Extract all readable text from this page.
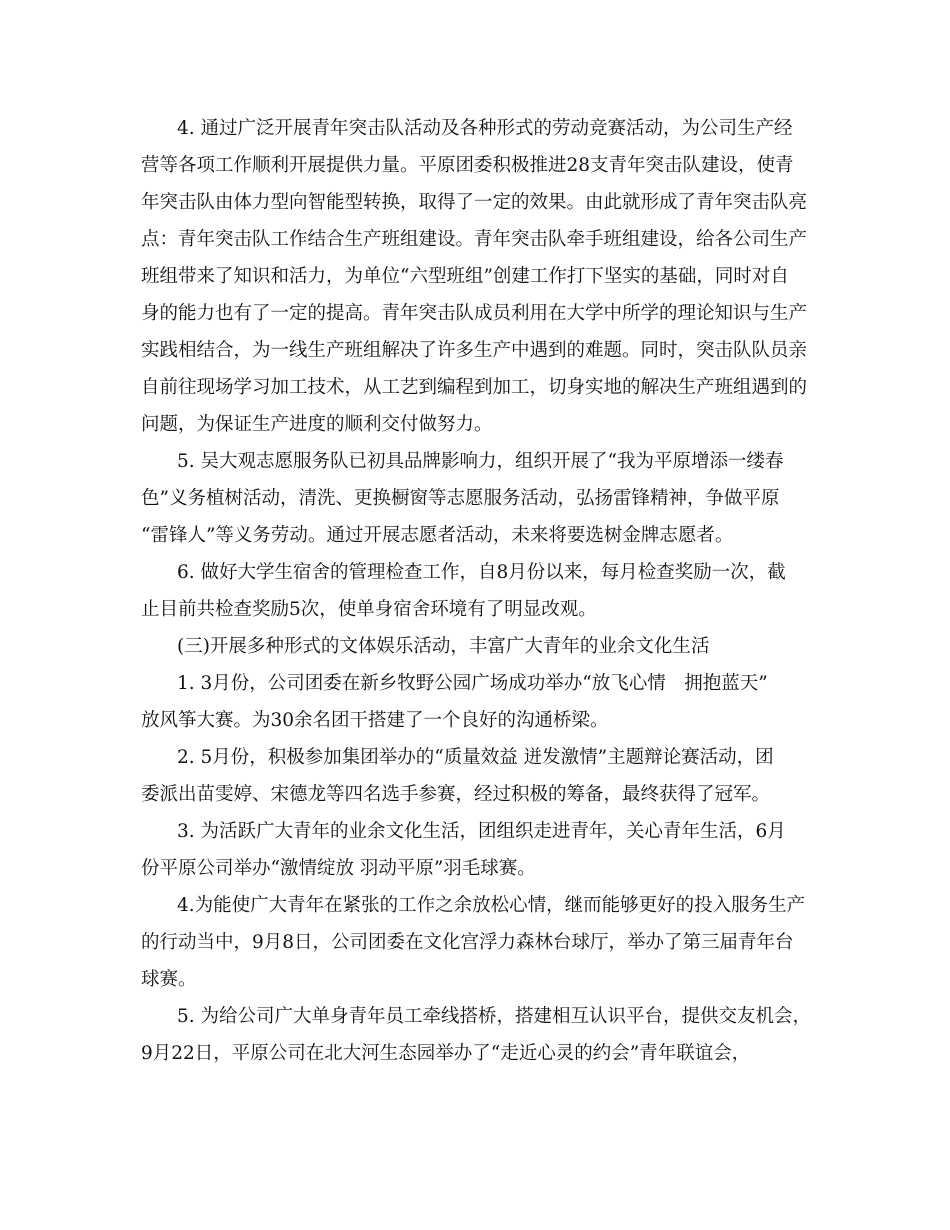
4. 通过广泛开展青年突击队活动及各种形式的劳动竞赛活动，为公司生产经
营等各项工作顺利开展提供力量。平原团委积极推进28支青年突击队建设，使青
年突击队由体力型向智能型转换，取得了一定的效果。由此就形成了青年突击队亮
点：青年突击队工作结合生产班组建设。青年突击队牵手班组建设，给各公司生产
班组带来了知识和活力，为单位“六型班组”创建工作打下坚实的基础，同时对自
身的能力也有了一定的提高。青年突击队成员利用在大学中所学的理论知识与生产
实践相结合，为一线生产班组解决了许多生产中遇到的难题。同时，突击队队员亲
自前往现场学习加工技术，从工艺到编程到加工，切身实地的解决生产班组遇到的
问题，为保证生产进度的顺利交付做努力。
5. 吴大观志愿服务队已初具品牌影响力，组织开展了“我为平原增添一缕春
色”义务植树活动，清洗、更换橱窗等志愿服务活动，弘扬雷锋精神，争做平原
“雷锋人”等义务劳动。通过开展志愿者活动，未来将要选树金牌志愿者。
6. 做好大学生宿舍的管理检查工作，自8月份以来，每月检查奖励一次，截
止目前共检查奖励5次，使单身宿舍环境有了明显改观。
(三)开展多种形式的文体娱乐活动，丰富广大青年的业余文化生活
1. 3月份，公司团委在新乡牧野公园广场成功举办“放飞心情　拥抱蓝天”
放风筝大赛。为30余名团干搭建了一个良好的沟通桥梁。
2. 5月份，积极参加集团举办的“质量效益 迸发激情”主题辩论赛活动，团
委派出苗雯婷、宋德龙等四名选手参赛，经过积极的筹备，最终获得了冠军。
3. 为活跃广大青年的业余文化生活，团组织走进青年，关心青年生活，6月
份平原公司举办“激情绽放 羽动平原”羽毛球赛。
4.为能使广大青年在紧张的工作之余放松心情，继而能够更好的投入服务生产
的行动当中，9月8日，公司团委在文化宫浮力森林台球厅，举办了第三届青年台
球赛。
5. 为给公司广大单身青年员工牵线搭桥，搭建相互认识平台，提供交友机会，
9月22日，平原公司在北大河生态园举办了“走近心灵的约会”青年联谊会，
